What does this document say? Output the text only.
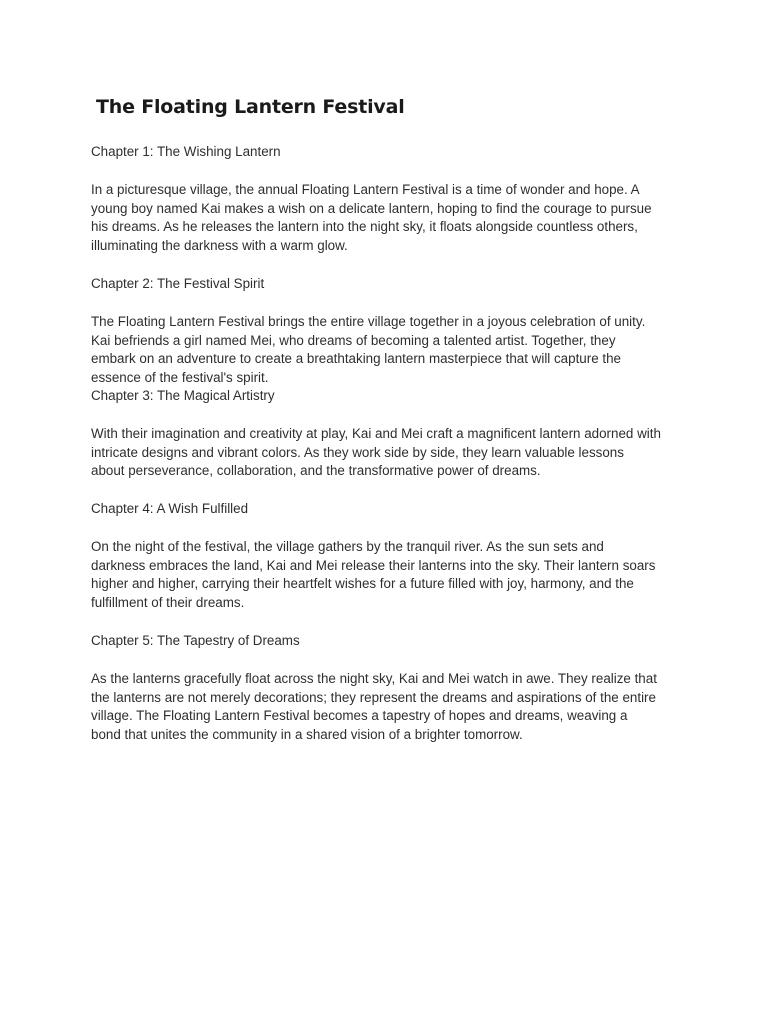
The Floating Lantern Festival
Chapter 1: The Wishing Lantern
In a picturesque village, the annual Floating Lantern Festival is a time of wonder and hope. A
young boy named Kai makes a wish on a delicate lantern, hoping to find the courage to pursue
his dreams. As he releases the lantern into the night sky, it floats alongside countless others,
illuminating the darkness with a warm glow.
Chapter 2: The Festival Spirit
The Floating Lantern Festival brings the entire village together in a joyous celebration of unity.
Kai befriends a girl named Mei, who dreams of becoming a talented artist. Together, they
embark on an adventure to create a breathtaking lantern masterpiece that will capture the
essence of the festival's spirit.
Chapter 3: The Magical Artistry
With their imagination and creativity at play, Kai and Mei craft a magnificent lantern adorned with
intricate designs and vibrant colors. As they work side by side, they learn valuable lessons
about perseverance, collaboration, and the transformative power of dreams.
Chapter 4: A Wish Fulfilled
On the night of the festival, the village gathers by the tranquil river. As the sun sets and
darkness embraces the land, Kai and Mei release their lanterns into the sky. Their lantern soars
higher and higher, carrying their heartfelt wishes for a future filled with joy, harmony, and the
fulfillment of their dreams.
Chapter 5: The Tapestry of Dreams
As the lanterns gracefully float across the night sky, Kai and Mei watch in awe. They realize that
the lanterns are not merely decorations; they represent the dreams and aspirations of the entire
village. The Floating Lantern Festival becomes a tapestry of hopes and dreams, weaving a
bond that unites the community in a shared vision of a brighter tomorrow.
